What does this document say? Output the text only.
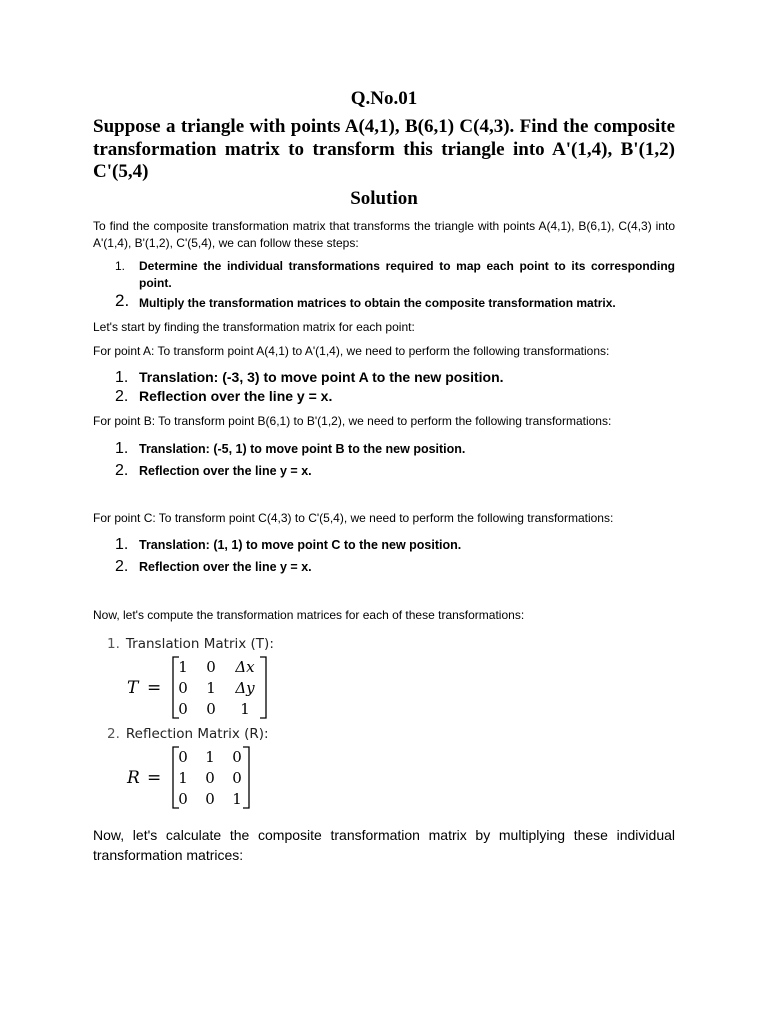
Q.No.01

Suppose a triangle with points A(4,1), B(6,1) C(4,3). Find the composite transformation matrix to transform this triangle into A'(1,4), B'(1,2) C'(5,4)

Solution

To find the composite transformation matrix that transforms the triangle with points A(4,1), B(6,1), C(4,3) into A'(1,4), B'(1,2), C'(5,4), we can follow these steps:

1. Determine the individual transformations required to map each point to its corresponding point.
2. Multiply the transformation matrices to obtain the composite transformation matrix.

Let's start by finding the transformation matrix for each point:

For point A: To transform point A(4,1) to A'(1,4), we need to perform the following transformations:

1. Translation: (-3, 3) to move point A to the new position.
2. Reflection over the line y = x.

For point B: To transform point B(6,1) to B'(1,2), we need to perform the following transformations:

1. Translation: (-5, 1) to move point B to the new position.
2. Reflection over the line y = x.

For point C: To transform point C(4,3) to C'(5,4), we need to perform the following transformations:

1. Translation: (1, 1) to move point C to the new position.
2. Reflection over the line y = x.

Now, let's compute the transformation matrices for each of these transformations:

1. Translation Matrix (T):
T =
1 0 Δx
0 1 Δy
0 0 1
2. Reflection Matrix (R):
R =
0 1 0
1 0 0
0 0 1

Now, let's calculate the composite transformation matrix by multiplying these individual transformation matrices:
